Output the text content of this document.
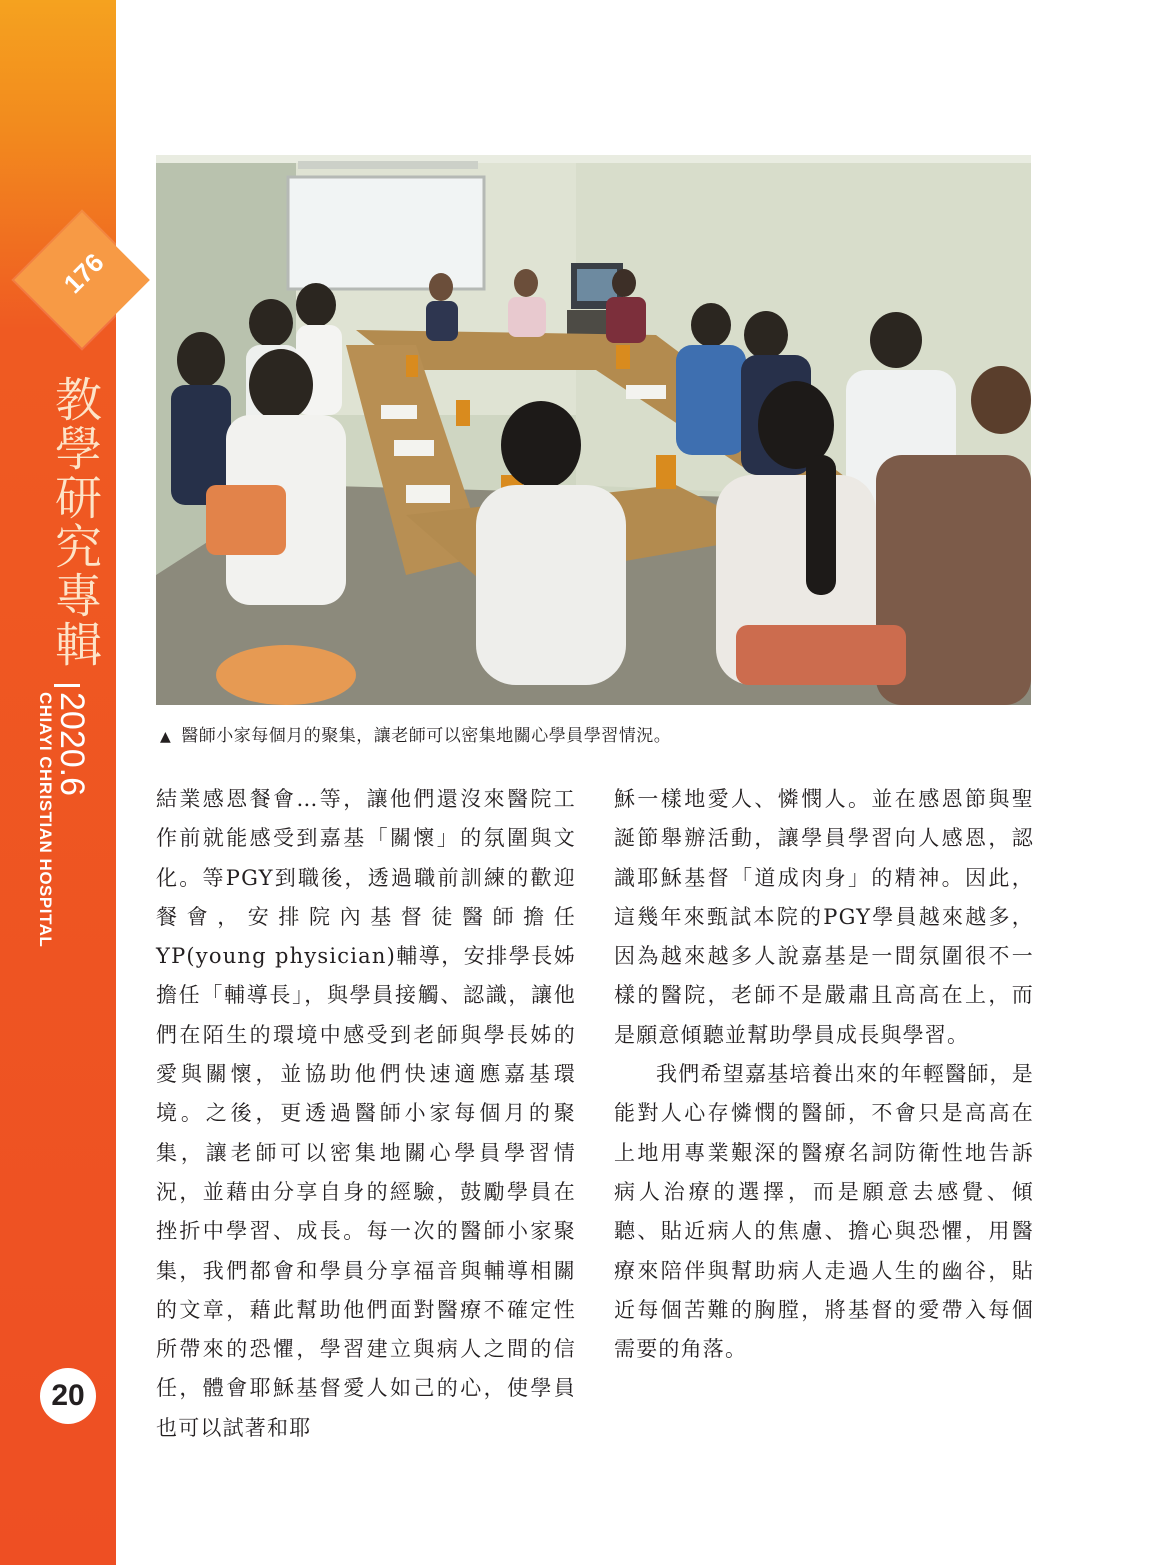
176
教學研究專輯
2020.6
CHIAYI CHRISTIAN HOSPITAL
20
▲ 醫師小家每個月的聚集，讓老師可以密集地關心學員學習情況。

結業感恩餐會…等，讓他們還沒來醫院工作前就能感受到嘉基「關懷」的氛圍與文化。等PGY到職後，透過職前訓練的歡迎餐會，安排院內基督徒醫師擔任YP(young physician)輔導，安排學長姊擔任「輔導長」，與學員接觸、認識，讓他們在陌生的環境中感受到老師與學長姊的愛與關懷，並協助他們快速適應嘉基環境。之後，更透過醫師小家每個月的聚集，讓老師可以密集地關心學員學習情況，並藉由分享自身的經驗，鼓勵學員在挫折中學習、成長。每一次的醫師小家聚集，我們都會和學員分享福音與輔導相關的文章，藉此幫助他們面對醫療不確定性所帶來的恐懼，學習建立與病人之間的信任，體會耶穌基督愛人如己的心，使學員也可以試著和耶

穌一樣地愛人、憐憫人。並在感恩節與聖誕節舉辦活動，讓學員學習向人感恩，認識耶穌基督「道成肉身」的精神。因此，這幾年來甄試本院的PGY學員越來越多，因為越來越多人說嘉基是一間氛圍很不一樣的醫院，老師不是嚴肅且高高在上，而是願意傾聽並幫助學員成長與學習。

我們希望嘉基培養出來的年輕醫師，是能對人心存憐憫的醫師，不會只是高高在上地用專業艱深的醫療名詞防衛性地告訴病人治療的選擇，而是願意去感覺、傾聽、貼近病人的焦慮、擔心與恐懼，用醫療來陪伴與幫助病人走過人生的幽谷，貼近每個苦難的胸膛，將基督的愛帶入每個需要的角落。
